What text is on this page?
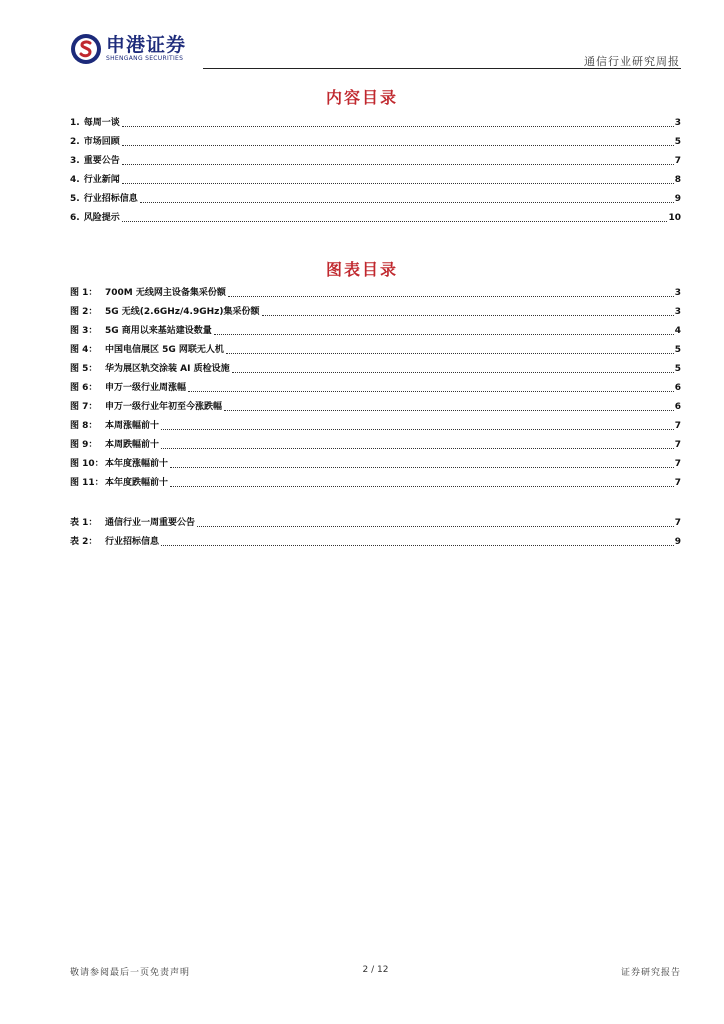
申港证券
SHENGANG SECURITIES	通信行业研究周报
内容目录
1. 每周一谈	3
2. 市场回顾	5
3. 重要公告	7
4. 行业新闻	8
5. 行业招标信息	9
6. 风险提示	10
图表目录
图 1： 700M 无线网主设备集采份额	3
图 2： 5G 无线(2.6GHz/4.9GHz)集采份额	3
图 3： 5G 商用以来基站建设数量	4
图 4： 中国电信展区 5G 网联无人机	5
图 5： 华为展区轨交涂装 AI 质检设施	5
图 6： 申万一级行业周涨幅	6
图 7： 申万一级行业年初至今涨跌幅	6
图 8： 本周涨幅前十	7
图 9： 本周跌幅前十	7
图 10：本年度涨幅前十	7
图 11：本年度跌幅前十	7
表 1： 通信行业一周重要公告	7
表 2： 行业招标信息	9
敬请参阅最后一页免责声明	2 / 12	证券研究报告
